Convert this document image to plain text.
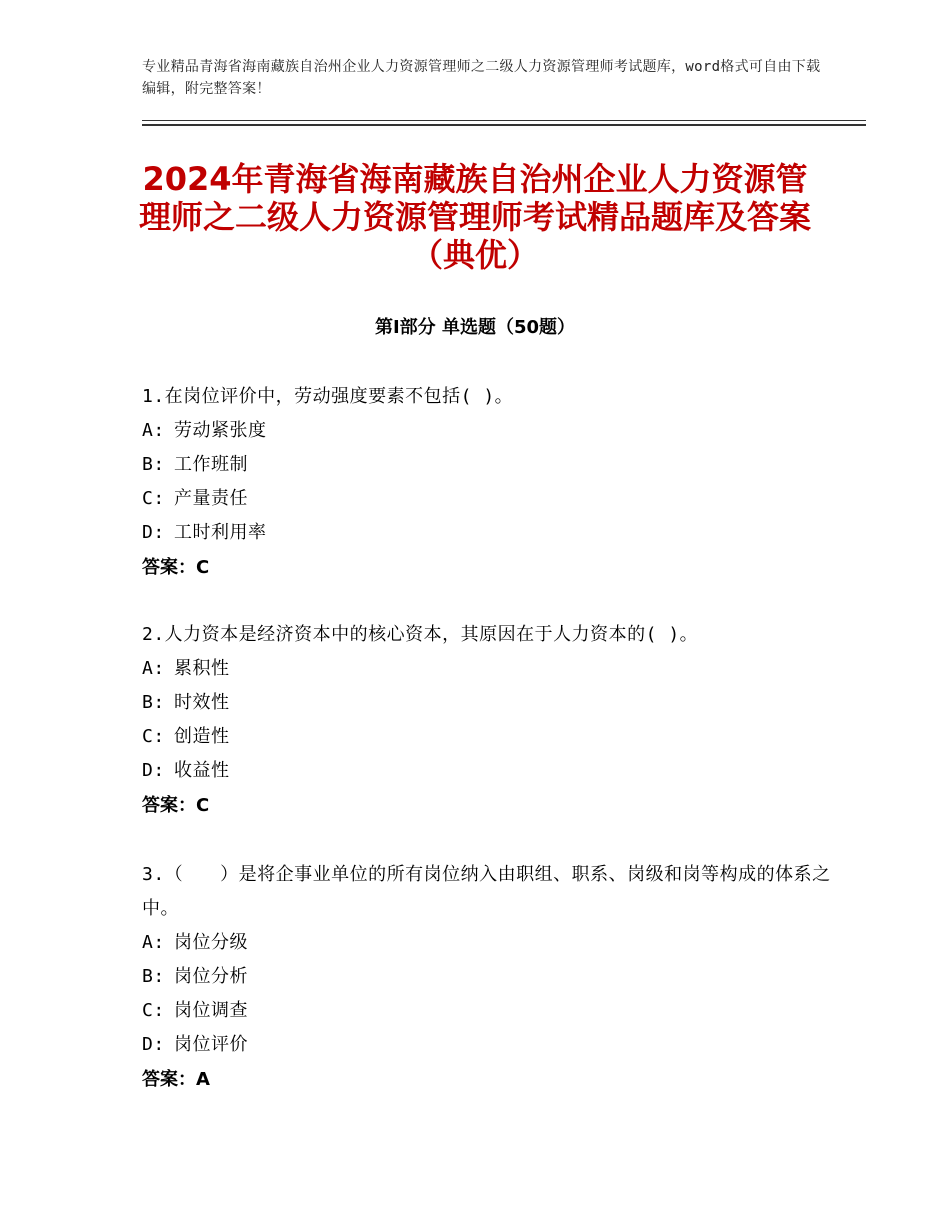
专业精品青海省海南藏族自治州企业人力资源管理师之二级人力资源管理师考试题库，word格式可自由下载编辑，附完整答案！
2024年青海省海南藏族自治州企业人力资源管理师之二级人力资源管理师考试精品题库及答案（典优）
第Ⅰ部分 单选题（50题）
1.在岗位评价中，劳动强度要素不包括( )。
A: 劳动紧张度
B: 工作班制
C: 产量责任
D: 工时利用率
答案：C
2.人力资本是经济资本中的核心资本，其原因在于人力资本的( )。
A: 累积性
B: 时效性
C: 创造性
D: 收益性
答案：C
3.（　　）是将企事业单位的所有岗位纳入由职组、职系、岗级和岗等构成的体系之中。
A: 岗位分级
B: 岗位分析
C: 岗位调查
D: 岗位评价
答案：A
